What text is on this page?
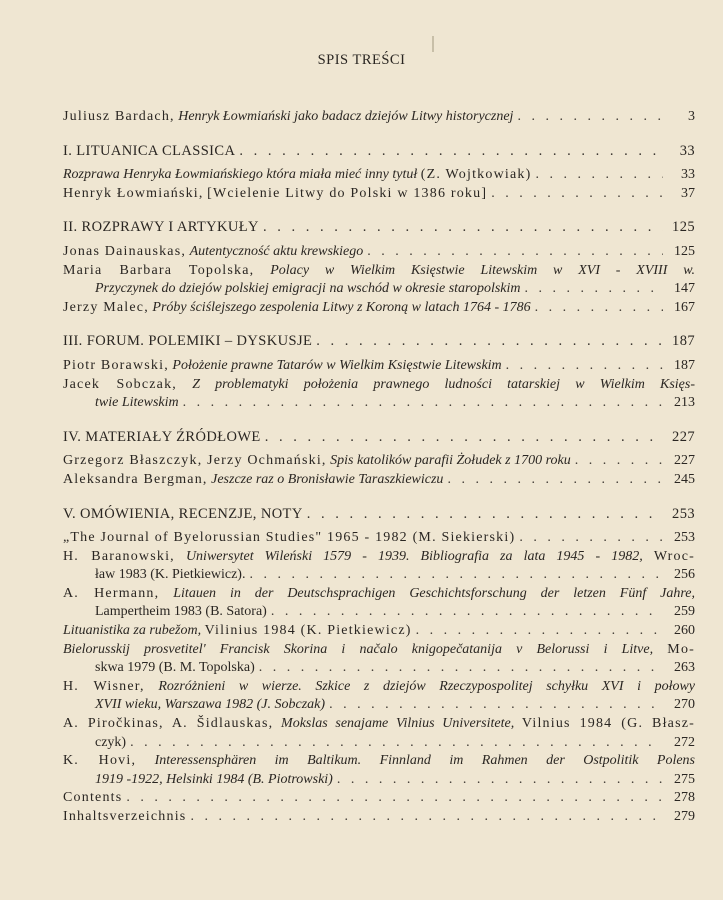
SPIS TREŚCI
Juliusz Bardach, Henryk Łowmiański jako badacz dziejów Litwy historycznej . . .	3
I. LITUANICA CLASSICA . . .	33
Rozprawa Henryka Łowmiańskiego która miała mieć inny tytuł (Z. Wojtkowiak) . . .	33
Henryk Łowmiański, [Wcielenie Litwy do Polski w 1386 roku] . . .	37
II. ROZPRAWY I ARTYKUŁY . . .	125
Jonas Dainauskas, Autentyczność aktu krewskiego . . .	125
Maria Barbara Topolska, Polacy w Wielkim Księstwie Litewskim w XVI - XVIII w.
Przyczynek do dziejów polskiej emigracji na wschód w okresie staropolskim . . .	147
Jerzy Malec, Próby ściślejszego zespolenia Litwy z Koroną w latach 1764 - 1786 . . .	167
III. FORUM. POLEMIKI – DYSKUSJE . . .	187
Piotr Borawski, Położenie prawne Tatarów w Wielkim Księstwie Litewskim . . .	187
Jacek Sobczak, Z problematyki położenia prawnego ludności tatarskiej w Wielkim Księs-
twie Litewskim . . .	213
IV. MATERIAŁY ŹRÓDŁOWE . . .	227
Grzegorz Błaszczyk, Jerzy Ochmański, Spis katolików parafii Żołudek z 1700 roku . . .	227
Aleksandra Bergman, Jeszcze raz o Bronisławie Taraszkiewiczu . . .	245
V. OMÓWIENIA, RECENZJE, NOTY . . .	253
„The Journal of Byelorussian Studies" 1965 - 1982 (M. Siekierski) . . .	253
H. Baranowski, Uniwersytet Wileński 1579 - 1939. Bibliografia za lata 1945 - 1982, Wroc-
ław 1983 (K. Pietkiewicz). . . .	256
A. Hermann, Litauen in der Deutschsprachigen Geschichtsforschung der letzen Fünf Jahre,
Lampertheim 1983 (B. Satora) . . .	259
Lituanistika za rubežom, Vilinius 1984 (K. Pietkiewicz) . . .	260
Bielorusskij prosvetitel' Francisk Skorina i načalo knigopečatanija v Belorussi i Litve, Mo-
skwa 1979 (B. M. Topolska) . . .	263
H. Wisner, Rozróżnieni w wierze. Szkice z dziejów Rzeczypospolitej schyłku XVI i połowy
XVII wieku, Warszawa 1982 (J. Sobczak) . . .	270
A. Piročkinas, A. Šidlauskas, Mokslas senajame Vilnius Universitete, Vilnius 1984 (G. Błasz-
czyk) . . .	272
K. Hovi, Interessensphären im Baltikum. Finnland im Rahmen der Ostpolitik Polens
1919 -1922, Helsinki 1984 (B. Piotrowski) . . .	275
Contents . . .	278
Inhaltsverzeichnis . . .	279
